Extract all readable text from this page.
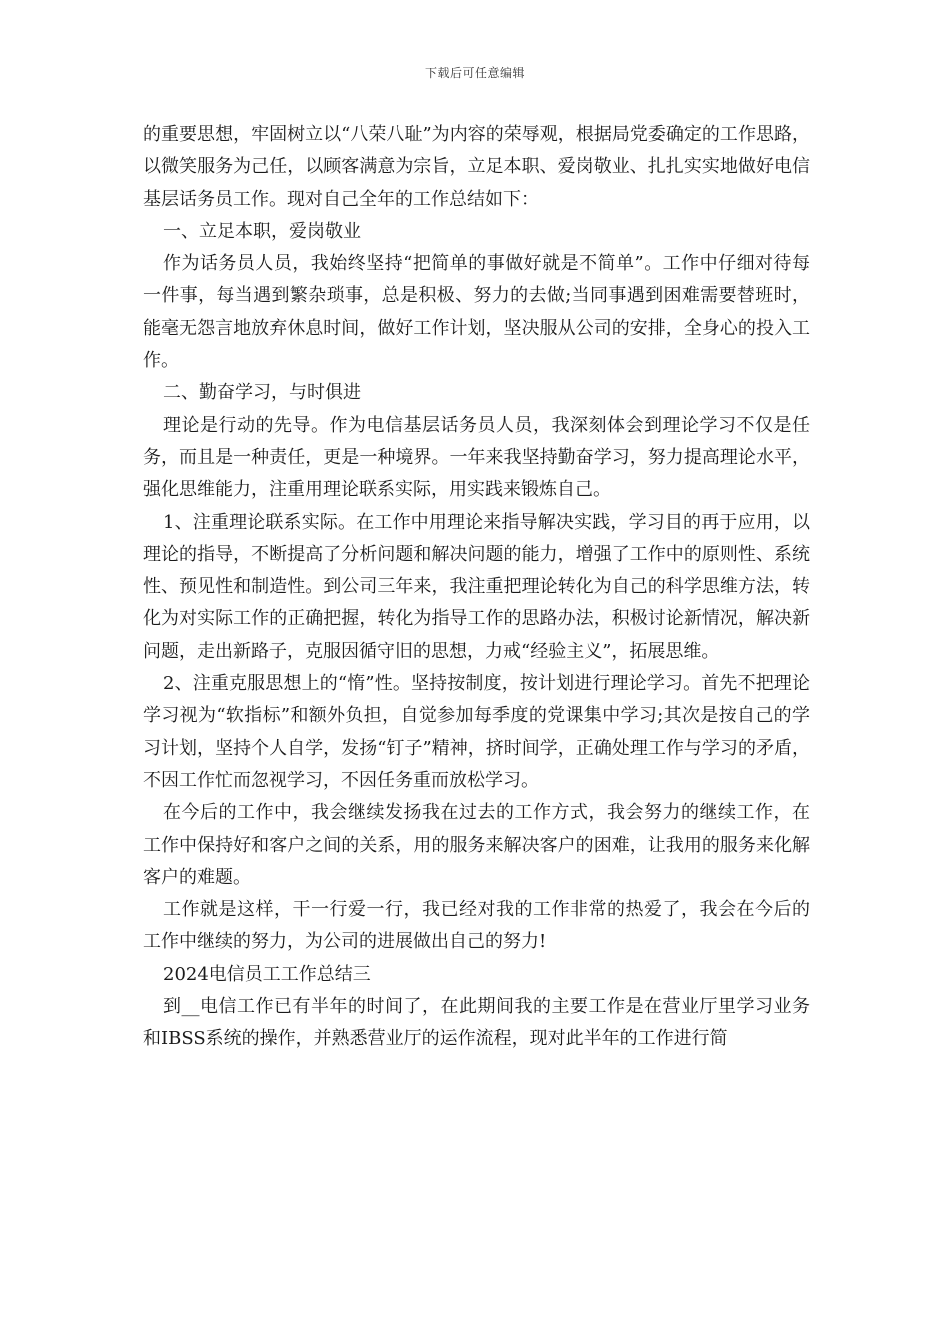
下载后可任意编辑

的重要思想，牢固树立以“八荣八耻”为内容的荣辱观，根据局党委确定的工作思路，以微笑服务为己任，以顾客满意为宗旨，立足本职、爱岗敬业、扎扎实实地做好电信基层话务员工作。现对自己全年的工作总结如下：

一、立足本职，爱岗敬业

作为话务员人员，我始终坚持“把简单的事做好就是不简单”。工作中仔细对待每一件事，每当遇到繁杂琐事，总是积极、努力的去做;当同事遇到困难需要替班时，能毫无怨言地放弃休息时间，做好工作计划，坚决服从公司的安排，全身心的投入工作。

二、勤奋学习，与时俱进

理论是行动的先导。作为电信基层话务员人员，我深刻体会到理论学习不仅是任务，而且是一种责任，更是一种境界。一年来我坚持勤奋学习，努力提高理论水平，强化思维能力，注重用理论联系实际，用实践来锻炼自己。

1、注重理论联系实际。在工作中用理论来指导解决实践，学习目的再于应用，以理论的指导，不断提高了分析问题和解决问题的能力，增强了工作中的原则性、系统性、预见性和制造性。到公司三年来，我注重把理论转化为自己的科学思维方法，转化为对实际工作的正确把握，转化为指导工作的思路办法，积极讨论新情况，解决新问题，走出新路子，克服因循守旧的思想，力戒“经验主义”，拓展思维。

2、注重克服思想上的“惰”性。坚持按制度，按计划进行理论学习。首先不把理论学习视为“软指标”和额外负担，自觉参加每季度的党课集中学习;其次是按自己的学习计划，坚持个人自学，发扬“钉子”精神，挤时间学，正确处理工作与学习的矛盾，不因工作忙而忽视学习，不因任务重而放松学习。

在今后的工作中，我会继续发扬我在过去的工作方式，我会努力的继续工作，在工作中保持好和客户之间的关系，用的服务来解决客户的困难，让我用的服务来化解客户的难题。

工作就是这样，干一行爱一行，我已经对我的工作非常的热爱了，我会在今后的工作中继续的努力，为公司的进展做出自己的努力!

2024电信员工工作总结三

到__电信工作已有半年的时间了，在此期间我的主要工作是在营业厅里学习业务和IBSS系统的操作，并熟悉营业厅的运作流程，现对此半年的工作进行简
